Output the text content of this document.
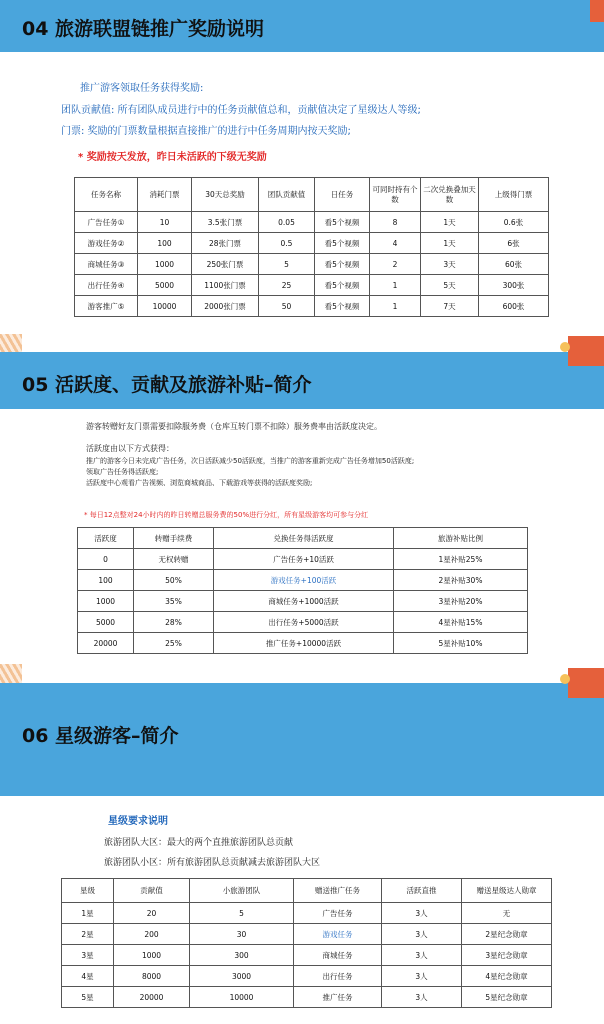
04 旅游联盟链推广奖励说明
推广游客领取任务获得奖励:
团队贡献值: 所有团队成员进行中的任务贡献值总和，贡献值决定了星级达人等级;
门票: 奖励的门票数量根据直接推广的进行中任务周期内按天奖励;
* 奖励按天发放，昨日未活跃的下级无奖励
任务名称	消耗门票	30天总奖励	团队贡献值	日任务	可同时持有个数	二次兑换叠加天数	上级得门票
广告任务①	10	3.5张门票	0.05	看5个视频	8	1天	0.6张
游戏任务②	100	28张门票	0.5	看5个视频	4	1天	6张
商城任务③	1000	250张门票	5	看5个视频	2	3天	60张
出行任务④	5000	1100张门票	25	看5个视频	1	5天	300张
游客推广⑤	10000	2000张门票	50	看5个视频	1	7天	600张
05 活跃度、贡献及旅游补贴–简介
游客转赠好友门票需要扣除服务费（仓库互转门票不扣除）服务费率由活跃度决定。
活跃度由以下方式获得：
推广的游客今日未完成广告任务，次日活跃减少50活跃度，当推广的游客重新完成广告任务增加50活跃度;
领取广告任务得活跃度;
活跃度中心观看广告视频、浏览商城商品、下载游戏等获得的活跃度奖励;
* 每日12点整对24小时内的昨日转赠总服务费的50%进行分红，所有星级游客均可参与分红
活跃度	转赠手续费	兑换任务得活跃度	旅游补贴比例
0	无权转赠	广告任务+10活跃	1星补贴25%
100	50%	游戏任务+100活跃	2星补贴30%
1000	35%	商城任务+1000活跃	3星补贴20%
5000	28%	出行任务+5000活跃	4星补贴15%
20000	25%	推广任务+10000活跃	5星补贴10%
06 星级游客–简介
星级要求说明
旅游团队大区：最大的两个直推旅游团队总贡献
旅游团队小区：所有旅游团队总贡献减去旅游团队大区
星级	贡献值	小旅游团队	赠送推广任务	活跃直推	赠送星级达人勋章
1星	20	5	广告任务	3人	无
2星	200	30	游戏任务	3人	2星纪念勋章
3星	1000	300	商城任务	3人	3星纪念勋章
4星	8000	3000	出行任务	3人	4星纪念勋章
5星	20000	10000	推广任务	3人	5星纪念勋章
